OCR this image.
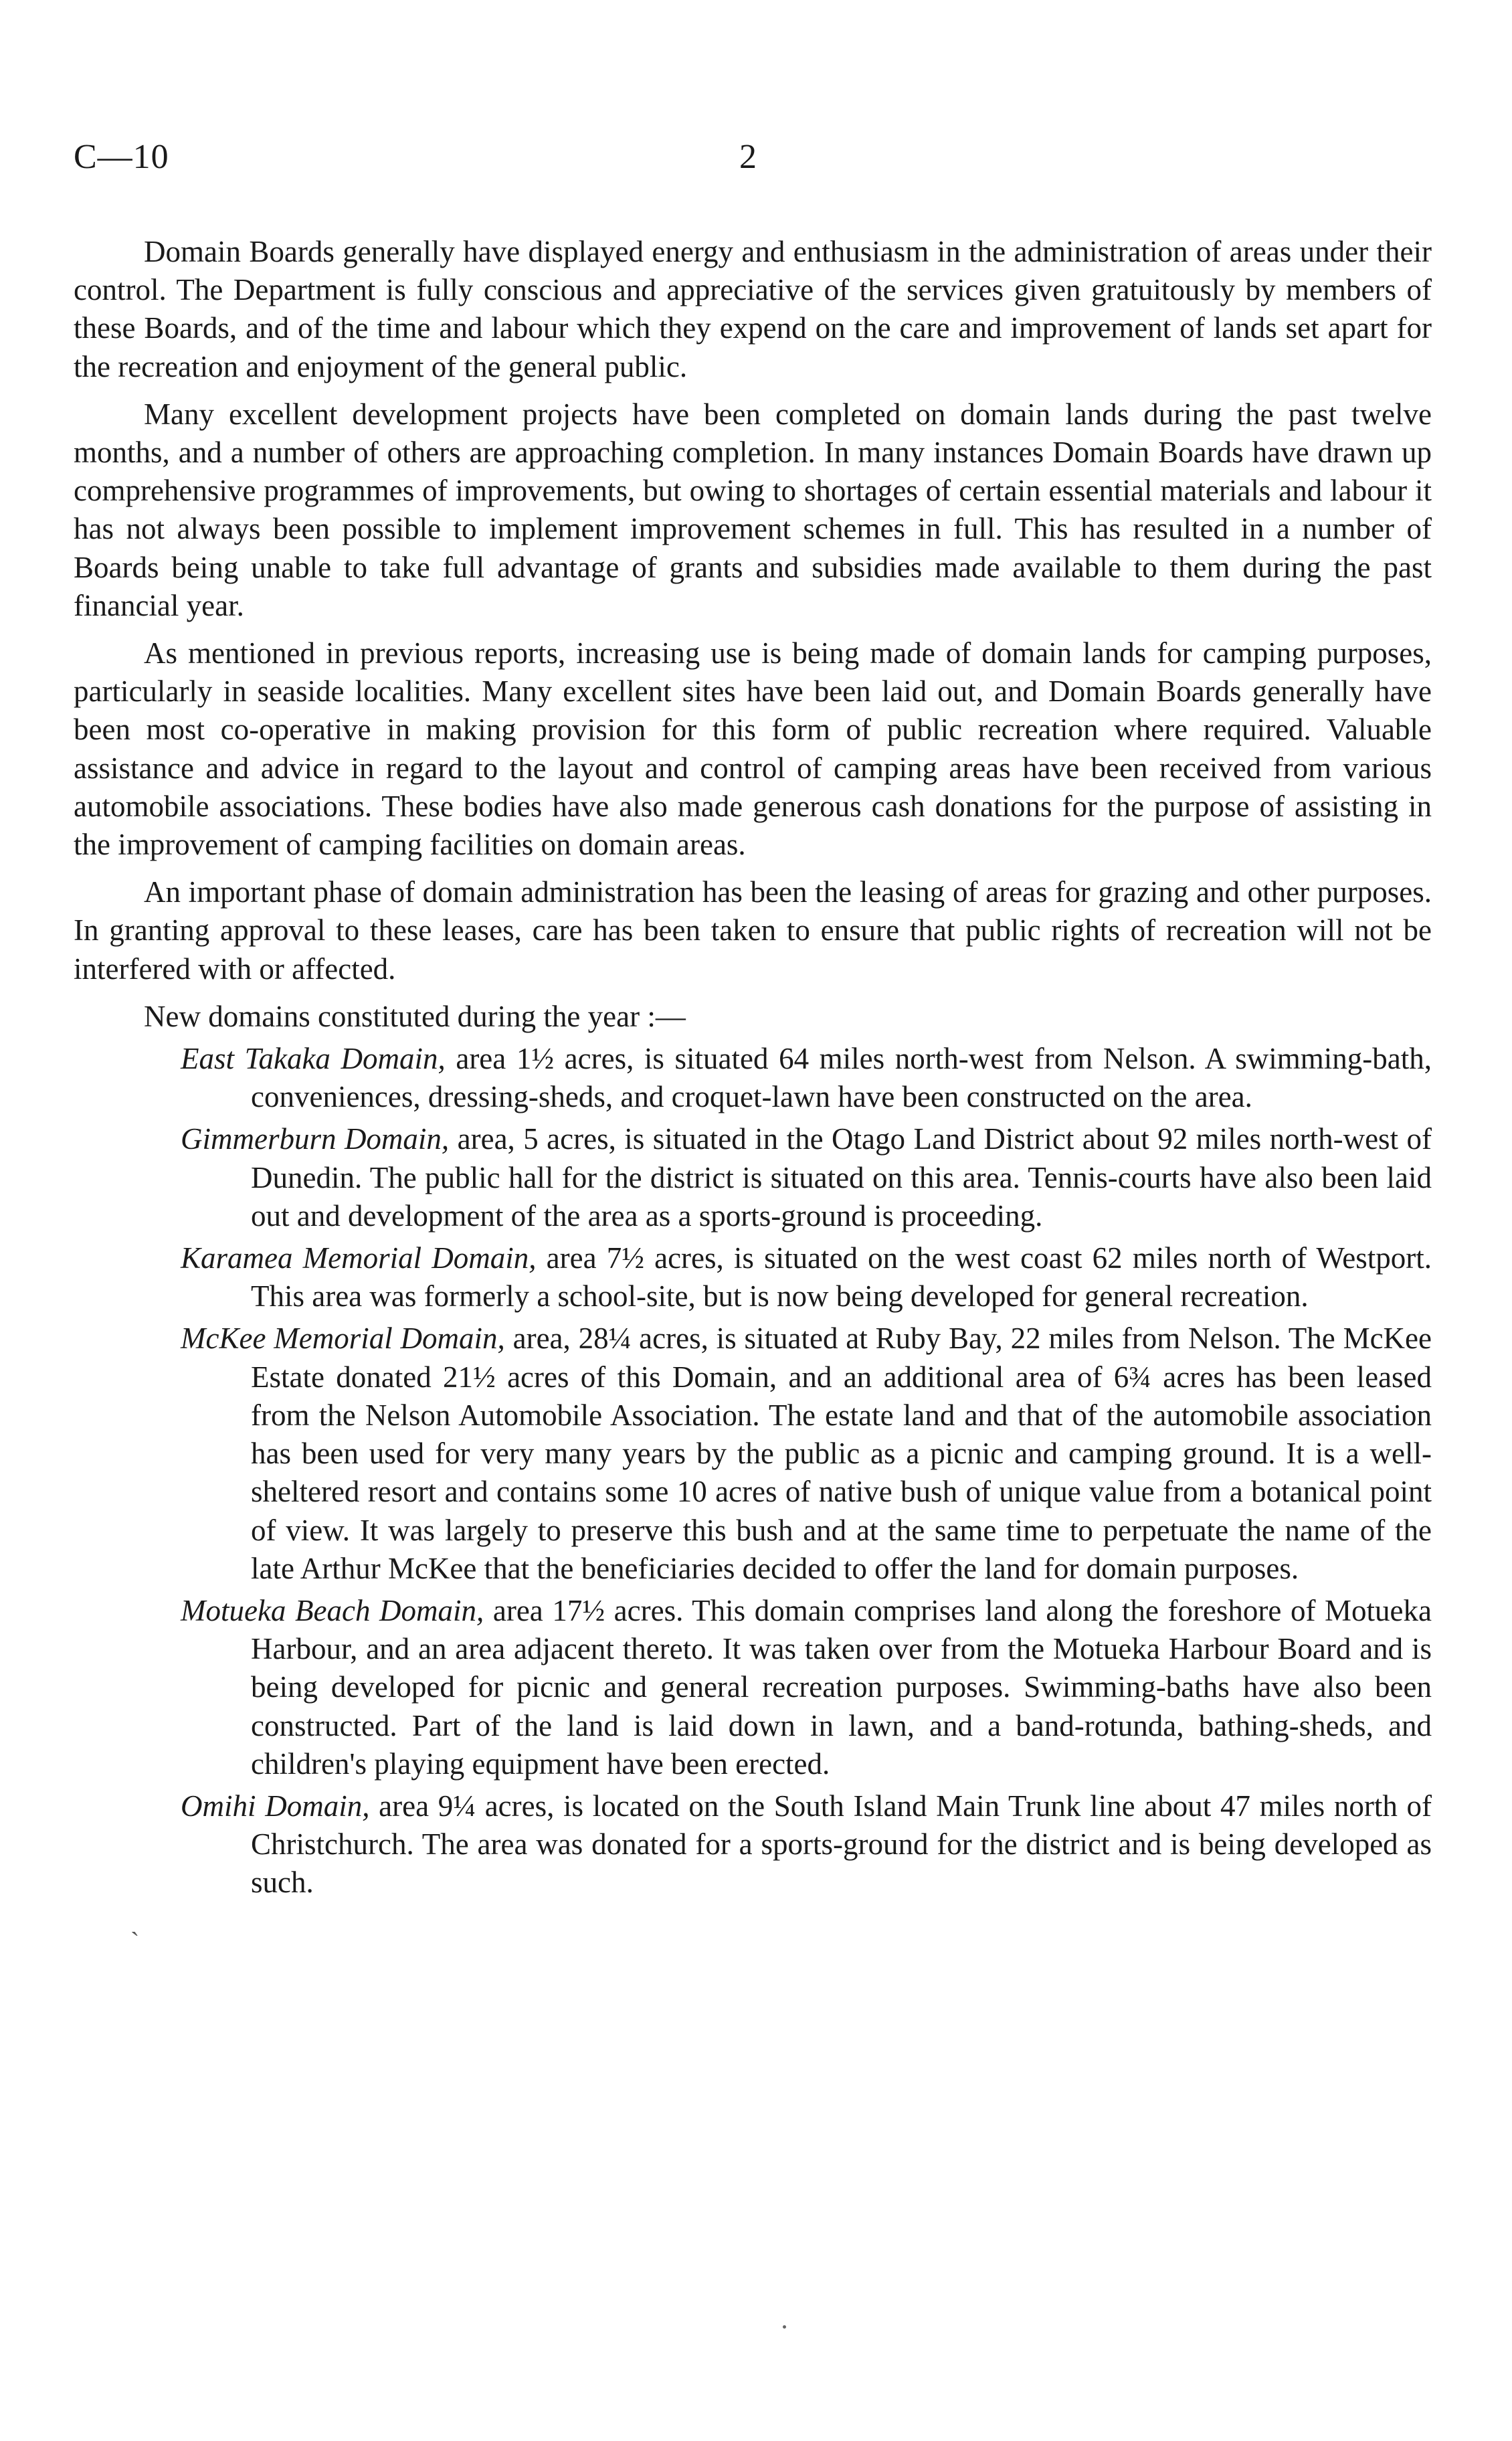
C—10	2

Domain Boards generally have displayed energy and enthusiasm in the administration of areas under their control. The Department is fully conscious and appreciative of the services given gratuitously by members of these Boards, and of the time and labour which they expend on the care and improvement of lands set apart for the recreation and enjoyment of the general public.

Many excellent development projects have been completed on domain lands during the past twelve months, and a number of others are approaching completion. In many instances Domain Boards have drawn up comprehensive programmes of improvements, but owing to shortages of certain essential materials and labour it has not always been possible to implement improvement schemes in full. This has resulted in a number of Boards being unable to take full advantage of grants and subsidies made available to them during the past financial year.

As mentioned in previous reports, increasing use is being made of domain lands for camping purposes, particularly in seaside localities. Many excellent sites have been laid out, and Domain Boards generally have been most co-operative in making provision for this form of public recreation where required. Valuable assistance and advice in regard to the layout and control of camping areas have been received from various automobile associations. These bodies have also made generous cash donations for the purpose of assisting in the improvement of camping facilities on domain areas.

An important phase of domain administration has been the leasing of areas for grazing and other purposes. In granting approval to these leases, care has been taken to ensure that public rights of recreation will not be interfered with or affected.

New domains constituted during the year :—

East Takaka Domain, area 1½ acres, is situated 64 miles north-west from Nelson. A swimming-bath, conveniences, dressing-sheds, and croquet-lawn have been constructed on the area.

Gimmerburn Domain, area, 5 acres, is situated in the Otago Land District about 92 miles north-west of Dunedin. The public hall for the district is situated on this area. Tennis-courts have also been laid out and development of the area as a sports-ground is proceeding.

Karamea Memorial Domain, area 7½ acres, is situated on the west coast 62 miles north of Westport. This area was formerly a school-site, but is now being developed for general recreation.

McKee Memorial Domain, area, 28¼ acres, is situated at Ruby Bay, 22 miles from Nelson. The McKee Estate donated 21½ acres of this Domain, and an additional area of 6¾ acres has been leased from the Nelson Automobile Association. The estate land and that of the automobile association has been used for very many years by the public as a picnic and camping ground. It is a well-sheltered resort and contains some 10 acres of native bush of unique value from a botanical point of view. It was largely to preserve this bush and at the same time to perpetuate the name of the late Arthur McKee that the beneficiaries decided to offer the land for domain purposes.

Motueka Beach Domain, area 17½ acres. This domain comprises land along the foreshore of Motueka Harbour, and an area adjacent thereto. It was taken over from the Motueka Harbour Board and is being developed for picnic and general recreation purposes. Swimming-baths have also been constructed. Part of the land is laid down in lawn, and a band-rotunda, bathing-sheds, and children's playing equipment have been erected.

Omihi Domain, area 9¼ acres, is located on the South Island Main Trunk line about 47 miles north of Christchurch. The area was donated for a sports-ground for the district and is being developed as such.

ˋ
